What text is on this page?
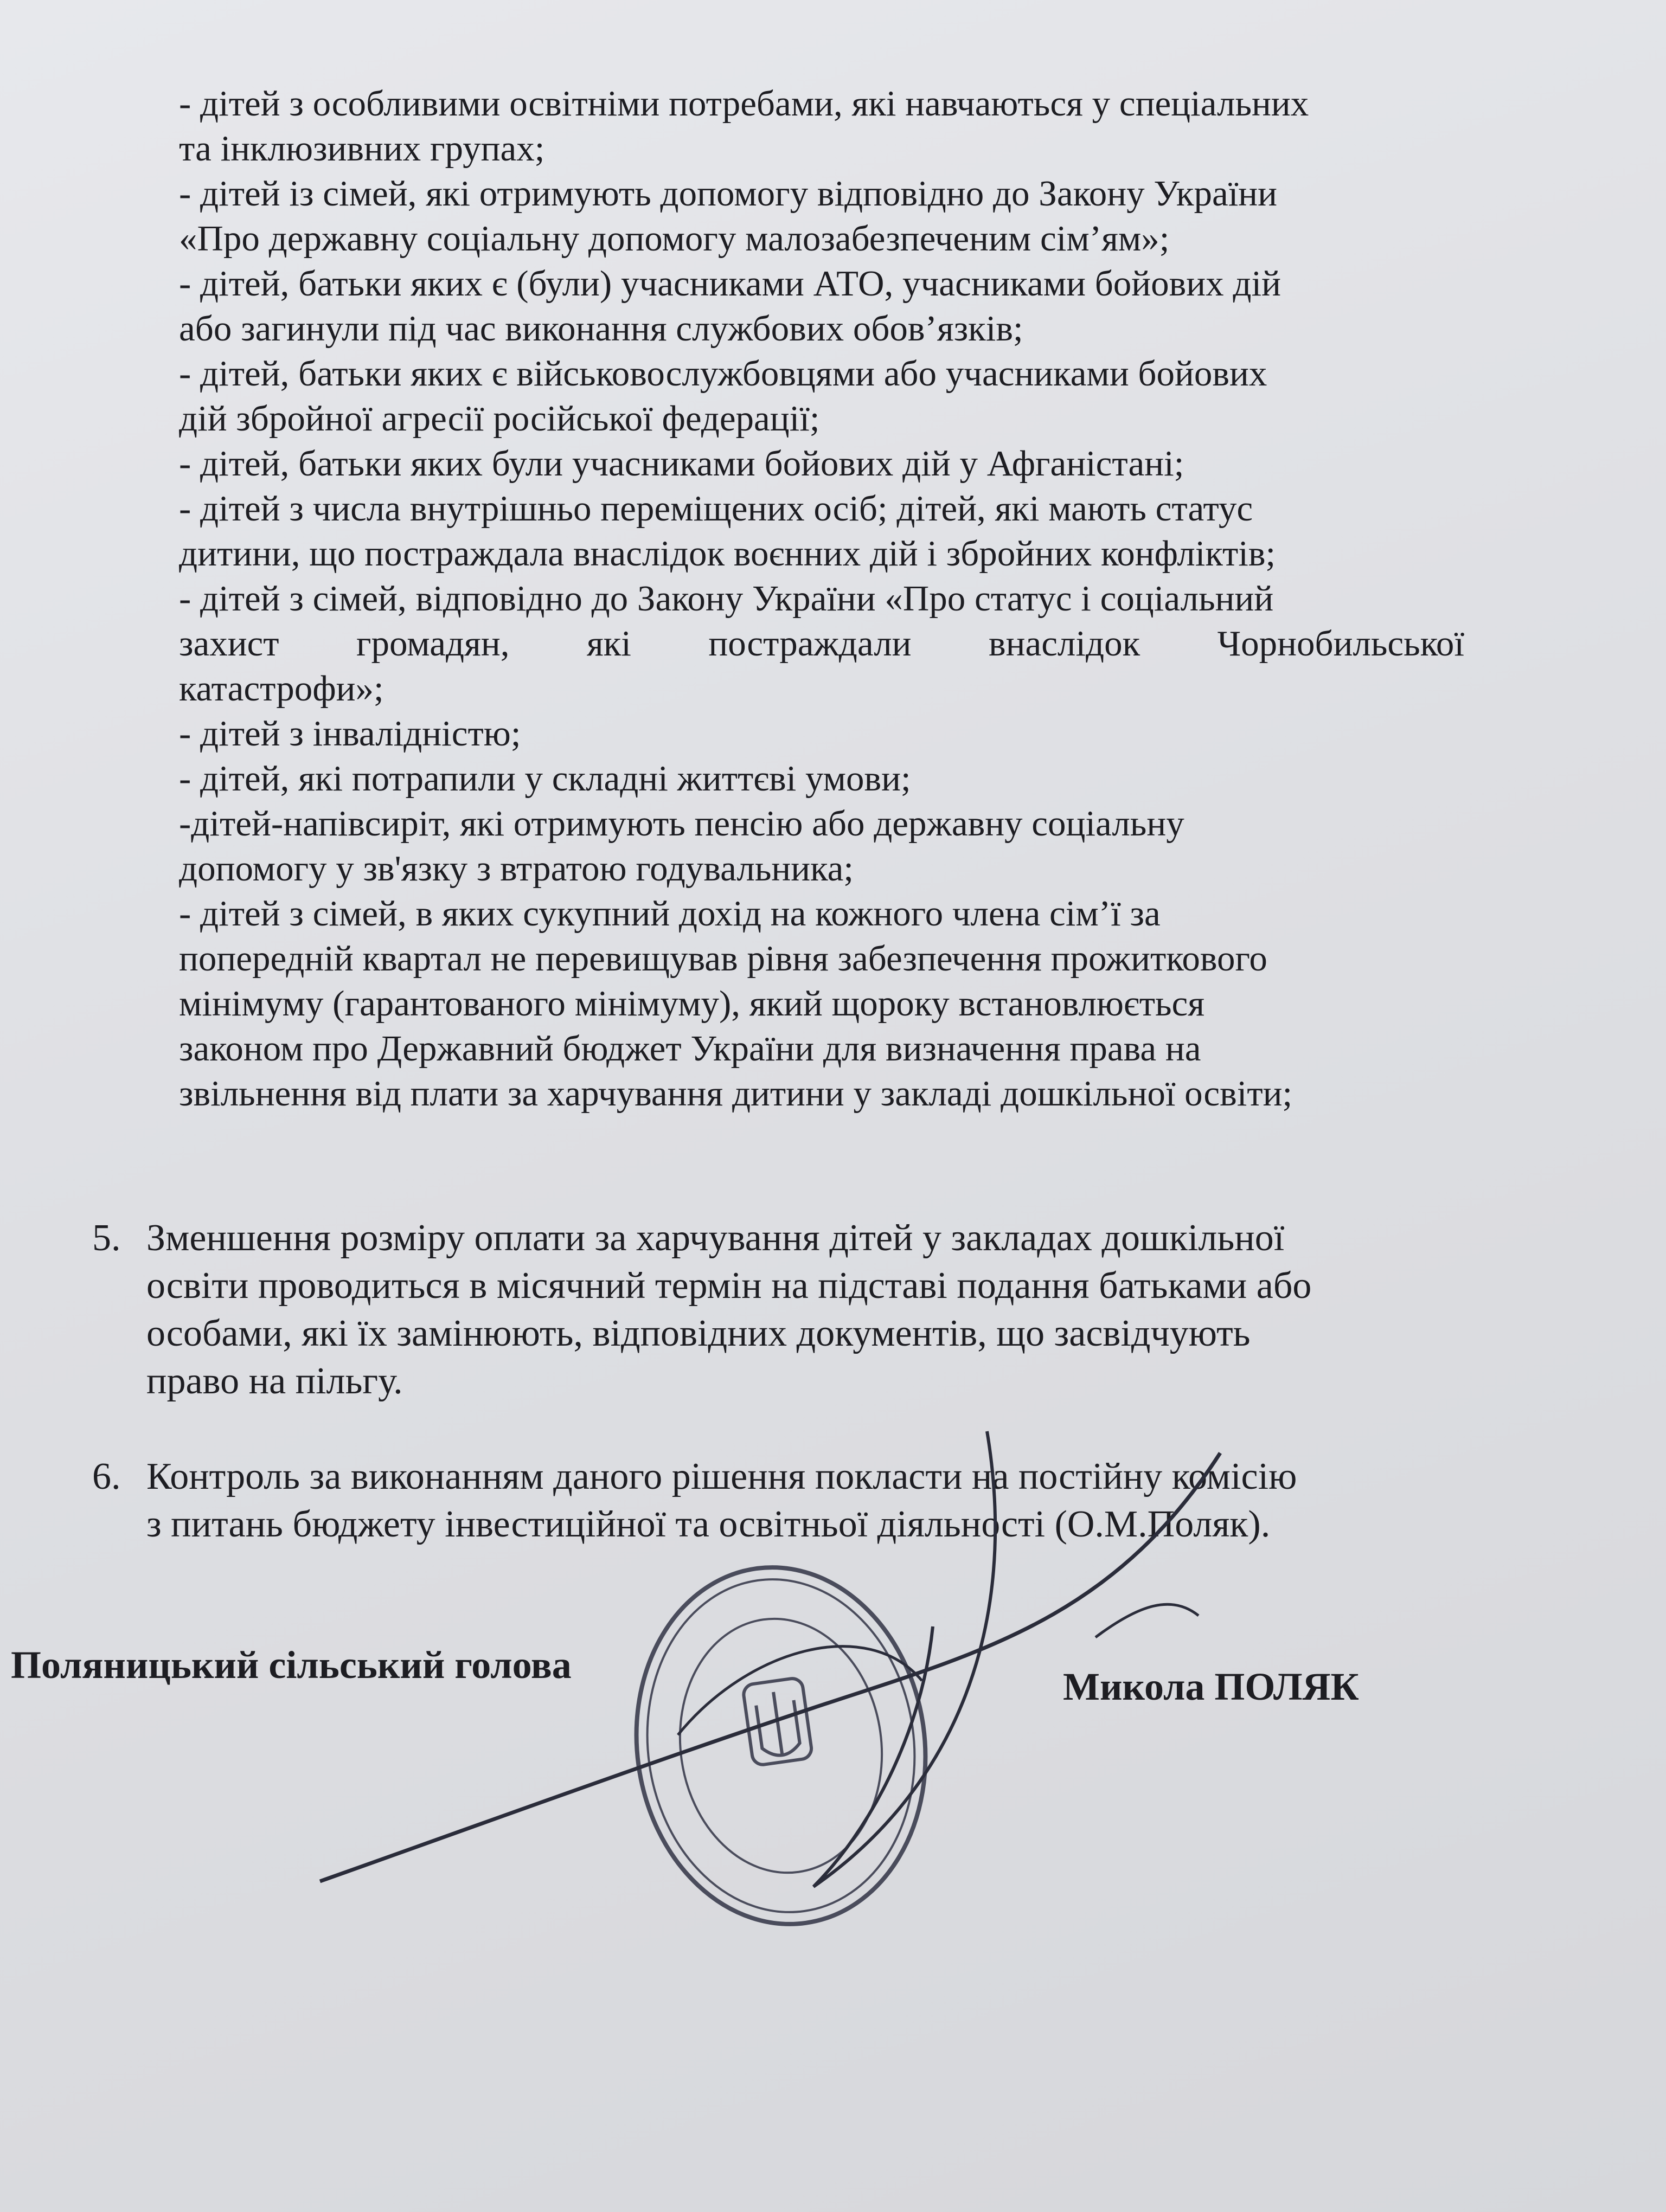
- дітей з особливими освітніми потребами, які навчаються у спеціальних
та інклюзивних групах;
- дітей із сімей, які отримують допомогу відповідно до Закону України
«Про державну соціальну допомогу малозабезпеченим сім’ям»;
- дітей, батьки яких є (були) учасниками АТО, учасниками бойових дій
або загинули під час виконання службових обов’язків;
- дітей, батьки яких є військовослужбовцями або учасниками бойових
дій збройної агресії російської федерації;
- дітей, батьки яких були учасниками бойових дій у Афганістані;
- дітей з числа внутрішньо переміщених осіб; дітей, які мають статус
дитини, що постраждала внаслідок воєнних дій і збройних конфліктів;
- дітей з сімей, відповідно до Закону України «Про статус і соціальний
захист громадян, які постраждали внаслідок Чорнобильської
катастрофи»;
- дітей з інвалідністю;
- дітей, які потрапили у складні життєві умови;
-дітей-напівсиріт, які отримують пенсію або державну соціальну
допомогу у зв'язку з втратою годувальника;
- дітей з сімей, в яких сукупний дохід на кожного члена сім’ї за
попередній квартал не перевищував рівня забезпечення прожиткового
мінімуму (гарантованого мінімуму), який щороку встановлюється
законом про Державний бюджет України для визначення права на
звільнення від плати за харчування дитини у закладі дошкільної освіти;
5. Зменшення розміру оплати за харчування дітей у закладах дошкільної
освіти проводиться в місячний термін на підставі подання батьками або
особами, які їх замінюють, відповідних документів, що засвідчують
право на пільгу.
6. Контроль за виконанням даного рішення покласти на постійну комісію
з питань бюджету інвестиційної та освітньої діяльності (О.М.Поляк).
Поляницький сільський голова	Микола ПОЛЯК
